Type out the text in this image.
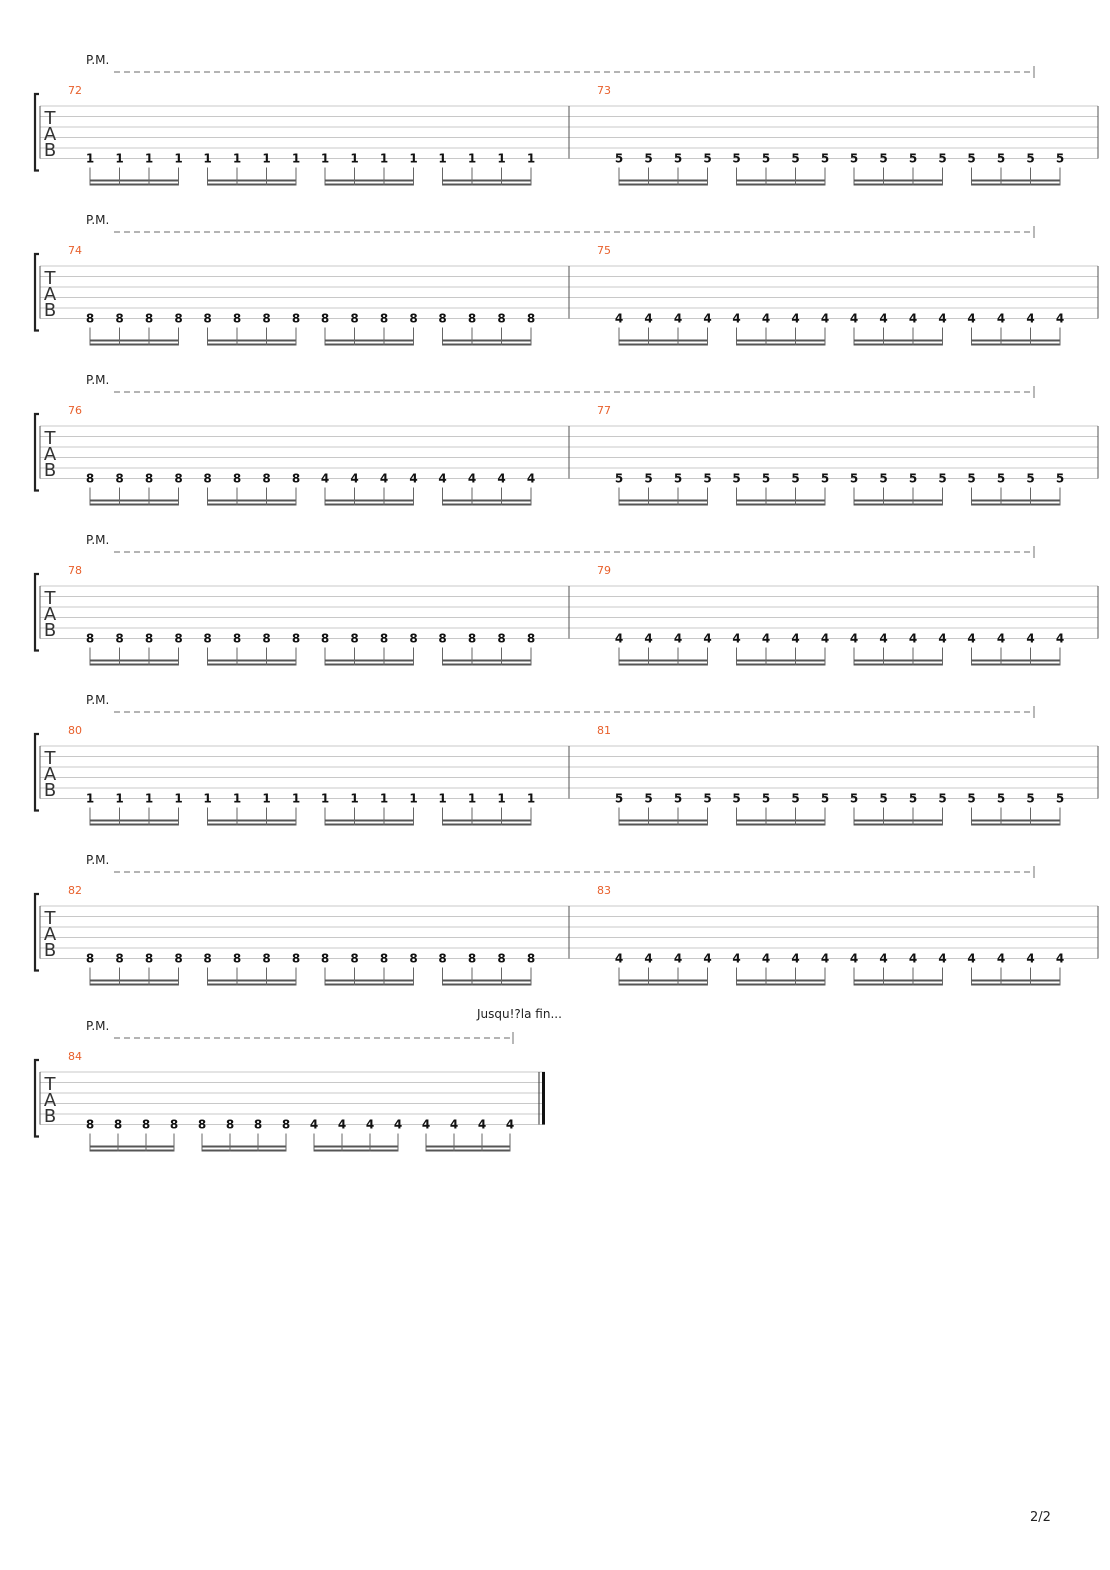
P.M.
T
A
B
72
1 1 1 1 1 1 1 1 1 1 1 1 1 1 1 1
73
5 5 5 5 5 5 5 5 5 5 5 5 5 5 5 5
P.M.
T
A
B
74
8 8 8 8 8 8 8 8 8 8 8 8 8 8 8 8
75
4 4 4 4 4 4 4 4 4 4 4 4 4 4 4 4
P.M.
T
A
B
76
8 8 8 8 8 8 8 8 4 4 4 4 4 4 4 4
77
5 5 5 5 5 5 5 5 5 5 5 5 5 5 5 5
P.M.
T
A
B
78
8 8 8 8 8 8 8 8 8 8 8 8 8 8 8 8
79
4 4 4 4 4 4 4 4 4 4 4 4 4 4 4 4
P.M.
T
A
B
80
1 1 1 1 1 1 1 1 1 1 1 1 1 1 1 1
81
5 5 5 5 5 5 5 5 5 5 5 5 5 5 5 5
P.M.
T
A
B
82
8 8 8 8 8 8 8 8 8 8 8 8 8 8 8 8
83
4 4 4 4 4 4 4 4 4 4 4 4 4 4 4 4
P.M.
Jusqu!?la fin...
T
A
B
84
8 8 8 8 8 8 8 8 4 4 4 4 4 4 4 4
2/2
